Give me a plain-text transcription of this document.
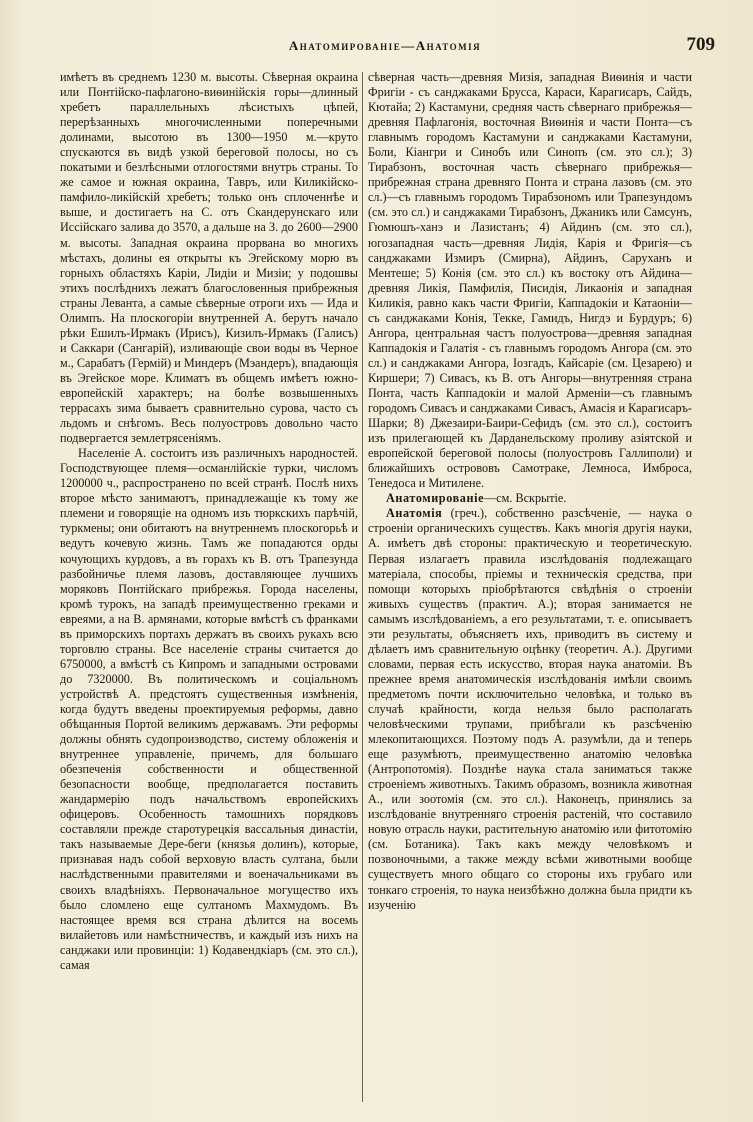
Анатомированіе—Анатомія	709

имѣетъ въ среднемъ 1230 м. высоты. Сѣверная окраина или Понтійско-пафлагоно-виѳинійскія горы—длинный хребетъ параллельныхъ лѣсистыхъ цѣпей, перерѣзанныхъ многочисленными поперечными долинами, высотою въ 1300—1950 м.—круто спускаются въ видѣ узкой береговой полосы, но съ покатыми и безлѣсными отлогостями внутрь страны. То же самое и южная окраина, Тавръ, или Киликійско-памфило-ликійскій хребетъ; только онъ сплоченнѣе и выше, и достигаетъ на С. отъ Скандерунскаго или Иссійскаго залива до 3570, а дальше на З. до 2600—2900 м. высоты. Западная окраина прорвана во многихъ мѣстахъ, долины ея открыты къ Эгейскому морю въ горныхъ областяхъ Каріи, Лидіи и Мизіи; у подошвы этихъ послѣднихъ лежатъ благословенныя прибрежныя страны Леванта, а самые сѣверные отроги ихъ — Ида и Олимпъ. На плоскогоріи внутренней А. берутъ начало рѣки Ешилъ-Ирмакъ (Ирисъ), Кизилъ-Ирмакъ (Галисъ) и Саккари (Сангарій), изливающіе свои воды въ Черное м., Сарабатъ (Гермій) и Миндеръ (Мэандеръ), впадающія въ Эгейское море. Климатъ въ общемъ имѣетъ южно-европейскій характеръ; на болѣе возвышенныхъ террасахъ зима бываетъ сравнительно сурова, часто съ льдомъ и снѣгомъ. Весь полуостровъ довольно часто подвергается землетрясеніямъ.

Населеніе А. состоитъ изъ различныхъ народностей. Господствующее племя—османлійскіе турки, числомъ 1200000 ч., распространено по всей странѣ. Послѣ нихъ второе мѣсто занимаютъ, принадлежащіе къ тому же племени и говорящіе на одномъ изъ тюркскихъ парѣчій, туркмены; они обитаютъ на внутреннемъ плоскогорьѣ и ведутъ кочевую жизнь. Тамъ же попадаются орды кочующихъ курдовъ, а въ горахъ къ В. отъ Трапезунда разбойничье племя лазовъ, доставляющее лучшихъ моряковъ Понтійскаго прибрежья. Города населены, кромѣ турокъ, на западѣ преимущественно греками и евреями, а на В. армянами, которые вмѣстѣ съ франками въ приморскихъ портахъ держатъ въ своихъ рукахъ всю торговлю страны. Все населеніе страны считается до 6750000, а вмѣстѣ съ Кипромъ и западными островами до 7320000. Въ политическомъ и соціальномъ устройствѣ А. предстоятъ существенныя измѣненія, когда будутъ введены проектируемыя реформы, давно обѣщанныя Портой великимъ державамъ. Эти реформы должны обнять судопроизводство, систему обложенія и внутреннее управленіе, причемъ, для большаго обезпеченія собственности и общественной безопасности вообще, предполагается поставить жандармерію подъ начальствомъ европейскихъ офицеровъ. Особенность тамошнихъ порядковъ составляли прежде старотурецкія вассальныя династіи, такъ называемые Дере-беги (князья долинъ), которые, признавая надъ собой верховую власть султана, были наслѣдственными правителями и военачальниками въ своихъ владѣніяхъ. Первоначальное могущество ихъ было сломлено еще султаномъ Махмудомъ. Въ настоящее время вся страна дѣлится на восемь вилайетовъ или намѣстничествъ, и каждый изъ нихъ на санджаки или провинціи: 1) Кодавендкіаръ (см. это сл.), самая

сѣверная часть—древняя Мизія, западная Виѳинія и части Фригіи - съ санджаками Бруcса, Караси, Карагисаръ, Сайдъ, Кютайа; 2) Кастамуни, средняя часть сѣвернаго прибрежья—древняя Пафлагонія, восточная Виѳинія и части Понта—съ главнымъ городомъ Кастамуни и санджаками Кастамуни, Боли, Кіангри и Синобъ или Синопъ (см. это сл.); 3) Тирабзонъ, восточная часть сѣвернаго прибрежья—прибрежная страна древняго Понта и страна лазовъ (см. это сл.)—съ главнымъ городомъ Тирабзономъ или Трапезундомъ (см. это сл.) и санджаками Тирабзонъ, Джаникъ или Самсунъ, Гюмюшъ-ханэ и Лазистанъ; 4) Айдинъ (см. это сл.), югозападная часть—древняя Лидія, Карія и Фригія—съ санджаками Измиръ (Смирна), Айдинъ, Саруханъ и Ментеше; 5) Конія (см. это сл.) къ востоку отъ Айдина—древняя Ликія, Памфилія, Писидія, Ликаонія и западная Киликія, равно какъ части Фригіи, Каппадокіи и Катаоніи—съ санджаками Конія, Текке, Гамидъ, Нигдэ и Бурдуръ; 6) Ангора, центральная частъ полуострова—древняя западная Каппадокія и Галатія - съ главнымъ городомъ Ангора (см. это сл.) и санджаками Ангора, Іозгадъ, Кайсаріе (см. Цезарею) и Киршери; 7) Сивасъ, къ В. отъ Ангоры—внутренняя страна Понта, часть Каппадокіи и малой Арменіи—съ главнымъ городомъ Сивасъ и санджаками Сивасъ, Амасія и Карагисаръ-Шарки; 8) Джезаири-Баири-Сефидъ (см. это сл.), состоитъ изъ прилегающей къ Дарданельскому проливу азіятской и европейской береговой полосы (полуостровъ Галлиполи) и ближайшихъ острововъ Самотраке, Лемноса, Имброса, Тенедоса и Митилене.

Анатомированіе—см. Вскрытіе.

Анатомія (греч.), собственно разсѣченіе, — наука о строеніи органическихъ существъ. Какъ многія другія науки, А. имѣетъ двѣ стороны: практическую и теоретическую. Первая излагаетъ правила изслѣдованія подлежащаго матеріала, способы, пріемы и техническія средства, при помощи которыхъ пріобрѣтаются свѣдѣнія о строеніи живыхъ существъ (практич. А.); вторая занимается не самымъ изслѣдованіемъ, а его результатами, т. е. описываетъ эти результаты, объясняетъ ихъ, приводитъ въ систему и дѣлаетъ имъ сравнительную оцѣнку (теоретич. А.). Другими словами, первая есть искусство, вторая наука анатоміи. Въ прежнее время анатомическія изслѣдованія имѣли своимъ предметомъ почти исключительно человѣка, и только въ случаѣ крайности, когда нельзя было располагать человѣческими трупами, прибѣгали къ разсѣченію млекопитающихся. Поэтому подъ А. разумѣли, да и теперь еще разумѣютъ, преимущественно анатомію человѣка (Антропотомія). Позднѣе наука стала заниматься также строеніемъ животныхъ. Такимъ образомъ, возникла животная А., или зоотомія (см. это сл.). Наконецъ, принялись за изслѣдованіе внутренняго строенія растеній, что составило новую отрасль науки, растительную анатомію или фитотомію (см. Ботаника). Такъ какъ между человѣкомъ и позвоночными, а также между всѣми животными вообще существуетъ много общаго со стороны ихъ грубаго или тонкаго строенія, то наука неизбѣжно должна была придти къ изученію
